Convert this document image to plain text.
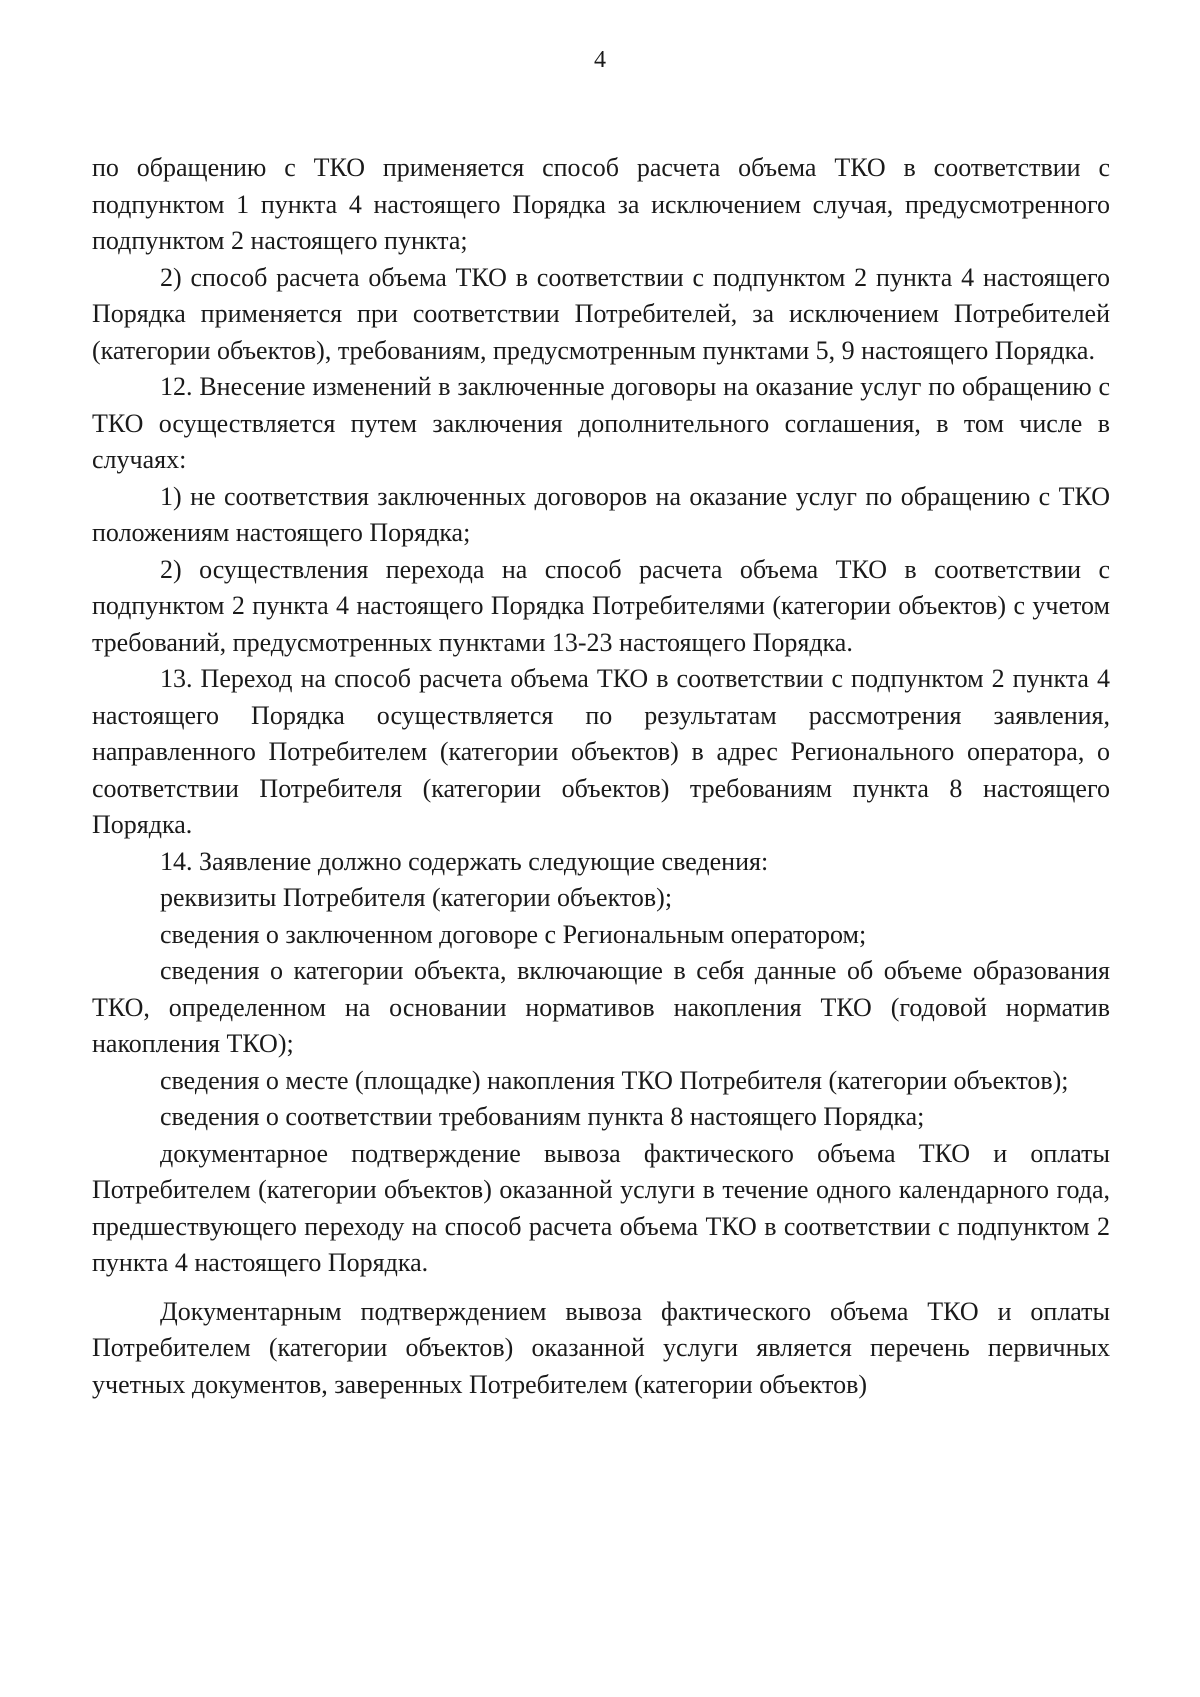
4

по обращению с ТКО применяется способ расчета объема ТКО в соответствии с подпунктом 1 пункта 4 настоящего Порядка за исключением случая, предусмотренного подпунктом 2 настоящего пункта;

2) способ расчета объема ТКО в соответствии с подпунктом 2 пункта 4 настоящего Порядка применяется при соответствии Потребителей, за исключением Потребителей (категории объектов), требованиям, предусмотренным пунктами 5, 9 настоящего Порядка.

12. Внесение изменений в заключенные договоры на оказание услуг по обращению с ТКО осуществляется путем заключения дополнительного соглашения, в том числе в случаях:

1) не соответствия заключенных договоров на оказание услуг по обращению с ТКО положениям настоящего Порядка;

2) осуществления перехода на способ расчета объема ТКО в соответствии с подпунктом 2 пункта 4 настоящего Порядка Потребителями (категории объектов) с учетом требований, предусмотренных пунктами 13-23 настоящего Порядка.

13. Переход на способ расчета объема ТКО в соответствии с подпунктом 2 пункта 4 настоящего Порядка осуществляется по результатам рассмотрения заявления, направленного Потребителем (категории объектов) в адрес Регионального оператора, о соответствии Потребителя (категории объектов) требованиям пункта 8 настоящего Порядка.

14. Заявление должно содержать следующие сведения:

реквизиты Потребителя (категории объектов);

сведения о заключенном договоре с Региональным оператором;

сведения о категории объекта, включающие в себя данные об объеме образования ТКО, определенном на основании нормативов накопления ТКО (годовой норматив накопления ТКО);

сведения о месте (площадке) накопления ТКО Потребителя (категории объектов);

сведения о соответствии требованиям пункта 8 настоящего Порядка;

документарное подтверждение вывоза фактического объема ТКО и оплаты Потребителем (категории объектов) оказанной услуги в течение одного календарного года, предшествующего переходу на способ расчета объема ТКО в соответствии с подпунктом 2 пункта 4 настоящего Порядка.

Документарным подтверждением вывоза фактического объема ТКО и оплаты Потребителем (категории объектов) оказанной услуги является перечень первичных учетных документов, заверенных Потребителем (категории объектов)
